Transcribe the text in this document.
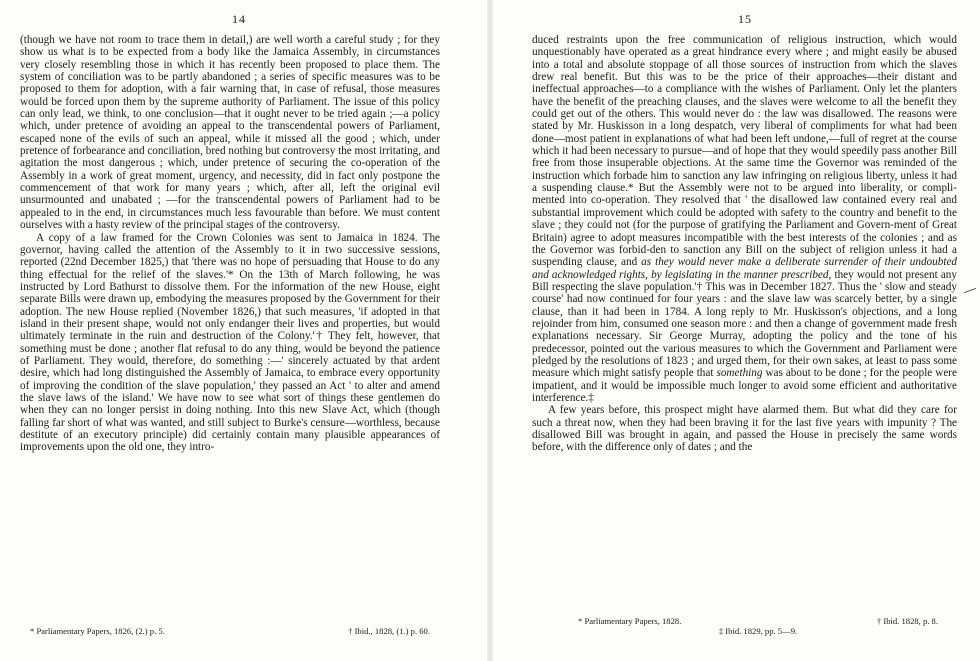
14

(though we have not room to trace them in detail,) are well worth a careful study ; for they show us what is to be expected from a body like the Jamaica Assembly, in circumstances very closely resembling those in which it has recently been proposed to place them. The system of conciliation was to be partly abandoned ; a series of specific measures was to be proposed to them for adoption, with a fair warning that, in case of refusal, those measures would be forced upon them by the supreme authority of Parliament. The issue of this policy can only lead, we think, to one conclusion—that it ought never to be tried again ;—a policy which, under pretence of avoiding an appeal to the transcendental powers of Parliament, escaped none of the evils of such an appeal, while it missed all the good ; which, under pretence of forbearance and conciliation, bred nothing but controversy the most irritating, and agitation the most dangerous ; which, under pretence of securing the co-operation of the Assembly in a work of great moment, urgency, and necessity, did in fact only postpone the commencement of that work for many years ; which, after all, left the original evil unsurmounted and unabated ; —for the transcendental powers of Parliament had to be appealed to in the end, in circumstances much less favourable than before. We must content ourselves with a hasty review of the principal stages of the controversy.

A copy of a law framed for the Crown Colonies was sent to Jamaica in 1824. The governor, having called the attention of the Assembly to it in two successive sessions, reported (22nd December 1825,) that 'there was no hope of persuading that House to do any thing effectual for the relief of the slaves.'* On the 13th of March following, he was instructed by Lord Bathurst to dissolve them. For the information of the new House, eight separate Bills were drawn up, embodying the measures proposed by the Government for their adoption. The new House replied (November 1826,) that such measures, 'if adopted in that island in their present shape, would not only endanger their lives and properties, but would ultimately terminate in the ruin and destruction of the Colony.'† They felt, however, that something must be done ; another flat refusal to do any thing, would be beyond the patience of Parliament. They would, therefore, do something :—' sincerely actuated by that ardent desire, which had long distinguished the Assembly of Jamaica, to embrace every opportunity of improving the condition of the slave population,' they passed an Act ' to alter and amend the slave laws of the island.' We have now to see what sort of things these gentlemen do when they can no longer persist in doing nothing. Into this new Slave Act, which (though falling far short of what was wanted, and still subject to Burke's censure—worthless, because destitute of an executory principle) did certainly contain many plausible appearances of improvements upon the old one, they intro-

* Parliamentary Papers, 1826, (2.) p. 5.	† Ibid., 1828, (1.) p. 60.
15

duced restraints upon the free communication of religious instruction, which would unquestionably have operated as a great hindrance every where ; and might easily be abused into a total and absolute stoppage of all those sources of instruction from which the slaves drew real benefit. But this was to be the price of their approaches—their distant and ineffectual approaches—to a compliance with the wishes of Parliament. Only let the planters have the benefit of the preaching clauses, and the slaves were welcome to all the benefit they could get out of the others. This would never do : the law was disallowed. The reasons were stated by Mr. Huskisson in a long despatch, very liberal of compliments for what had been done—most patient in explanations of what had been left undone,—full of regret at the course which it had been necessary to pursue—and of hope that they would speedily pass another Bill free from those insuperable objections. At the same time the Governor was reminded of the instruction which forbade him to sanction any law infringing on religious liberty, unless it had a suspending clause.* But the Assembly were not to be argued into liberality, or compli-mented into co-operation. They resolved that ' the disallowed law contained every real and substantial improvement which could be adopted with safety to the country and benefit to the slave ; they could not (for the purpose of gratifying the Parliament and Govern-ment of Great Britain) agree to adopt measures incompatible with the best interests of the colonies ; and as the Governor was forbid-den to sanction any Bill on the subject of religion unless it had a suspending clause, and as they would never make a deliberate surrender of their undoubted and acknowledged rights, by legislating in the manner prescribed, they would not present any Bill respecting the slave population.'† This was in December 1827. Thus the ' slow and steady course' had now continued for four years : and the slave law was scarcely better, by a single clause, than it had been in 1784. A long reply to Mr. Huskisson's objections, and a long rejoinder from him, consumed one season more : and then a change of government made fresh explanations necessary. Sir George Murray, adopting the policy and the tone of his predecessor, pointed out the various measures to which the Government and Parliament were pledged by the resolutions of 1823 ; and urged them, for their own sakes, at least to pass some measure which might satisfy people that something was about to be done ; for the people were impatient, and it would be impossible much longer to avoid some efficient and authoritative interference.‡

A few years before, this prospect might have alarmed them. But what did they care for such a threat now, when they had been braving it for the last five years with impunity ? The disallowed Bill was brought in again, and passed the House in precisely the same words before, with the difference only of dates ; and the

* Parliamentary Papers, 1828.	† Ibid. 1828, p. 8.
‡ Ibid. 1829, pp. 5—9.
